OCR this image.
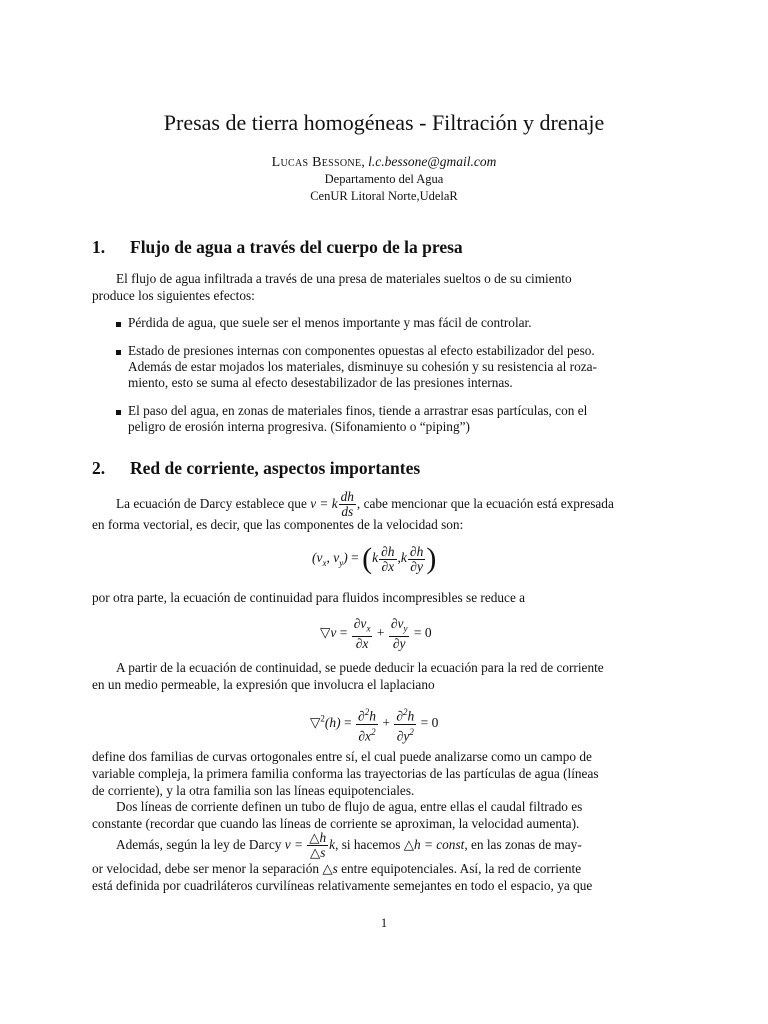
Presas de tierra homogéneas - Filtración y drenaje
Lucas Bessone, l.c.bessone@gmail.com
Departamento del Agua
CenUR Litoral Norte,UdelaR
1. Flujo de agua a través del cuerpo de la presa
El flujo de agua infiltrada a través de una presa de materiales sueltos o de su cimiento
produce los siguientes efectos:
Pérdida de agua, que suele ser el menos importante y mas fácil de controlar.
Estado de presiones internas con componentes opuestas al efecto estabilizador del peso.
Además de estar mojados los materiales, disminuye su cohesión y su resistencia al roza-
miento, esto se suma al efecto desestabilizador de las presiones internas.
El paso del agua, en zonas de materiales finos, tiende a arrastrar esas partículas, con el
peligro de erosión interna progresiva. (Sifonamiento o “piping”)
2. Red de corriente, aspectos importantes
La ecuación de Darcy establece que v = k $\frac{dh}{ds}$ , cabe mencionar que la ecuación está expresada
en forma vectorial, es decir, que las componentes de la velocidad son:
($v_x$, $v_y) = (k \frac{\partial h}{\partial x} ,k \frac{\partial h}{\partial y}$ )
por otra parte, la ecuación de continuidad para fluidos incompresibles se reduce a
▽v = $\frac{\partial v_x}{\partial x} + \frac{\partial v_y}{\partial y} = 0$
A partir de la ecuación de continuidad, se puede deducir la ecuación para la red de corriente
en un medio permeable, la expresión que involucra el laplaciano
▽$^2$(h) = $\frac{\partial^2h}{\partial x^2} + \frac{\partial^2h}{\partial y^2} = 0$
define dos familias de curvas ortogonales entre sí, el cual puede analizarse como un campo de
variable compleja, la primera familia conforma las trayectorias de las partículas de agua (líneas
de corriente), y la otra familia son las líneas equipotenciales.
Dos líneas de corriente definen un tubo de flujo de agua, entre ellas el caudal filtrado es
constante (recordar que cuando las líneas de corriente se aproximan, la velocidad aumenta).
Además, según la ley de Darcy $v = \frac{\triangle h}{\triangle s} k$, si hacemos △h = const, en las zonas de may-
or velocidad, debe ser menor la separación △s entre equipotenciales. Así, la red de corriente
está definida por cuadriláteros curvilíneas relativamente semejantes en todo el espacio, ya que
1
